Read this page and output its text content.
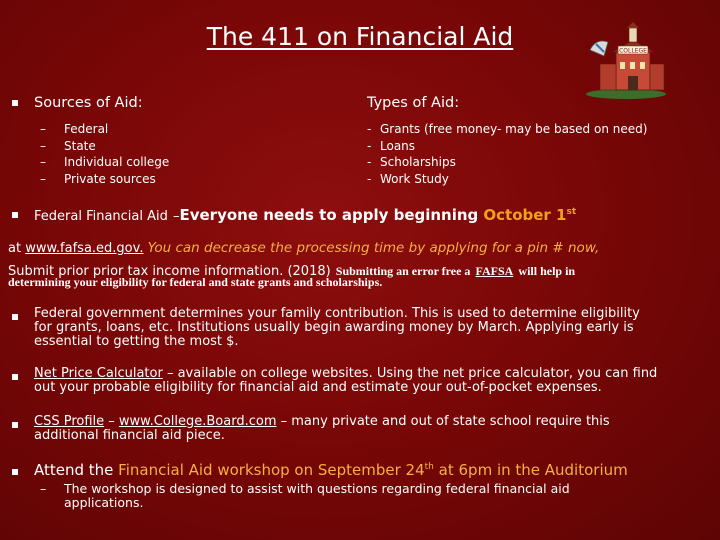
The 411 on Financial Aid	COLLEGE
Sources of Aid:
– Federal
– State
– Individual college
– Private sources
Types of Aid:
- Grants (free money- may be based on need)
- Loans
- Scholarships
- Work Study
Federal Financial Aid –Everyone needs to apply beginning October 1st
at www.fafsa.ed.gov. You can decrease the processing time by applying for a pin # now,
Submit prior prior tax income information. (2018) Submitting an error free a FAFSA will help in
determining your eligibility for federal and state grants and scholarships.
Federal government determines your family contribution. This is used to determine eligibility
for grants, loans, etc. Institutions usually begin awarding money by March. Applying early is
essential to getting the most $.
Net Price Calculator – available on college websites. Using the net price calculator, you can find
out your probable eligibility for financial aid and estimate your out-of-pocket expenses.
CSS Profile – www.College.Board.com – many private and out of state school require this
additional financial aid piece.
Attend the Financial Aid workshop on September 24th at 6pm in the Auditorium
– The workshop is designed to assist with questions regarding federal financial aid
applications.
